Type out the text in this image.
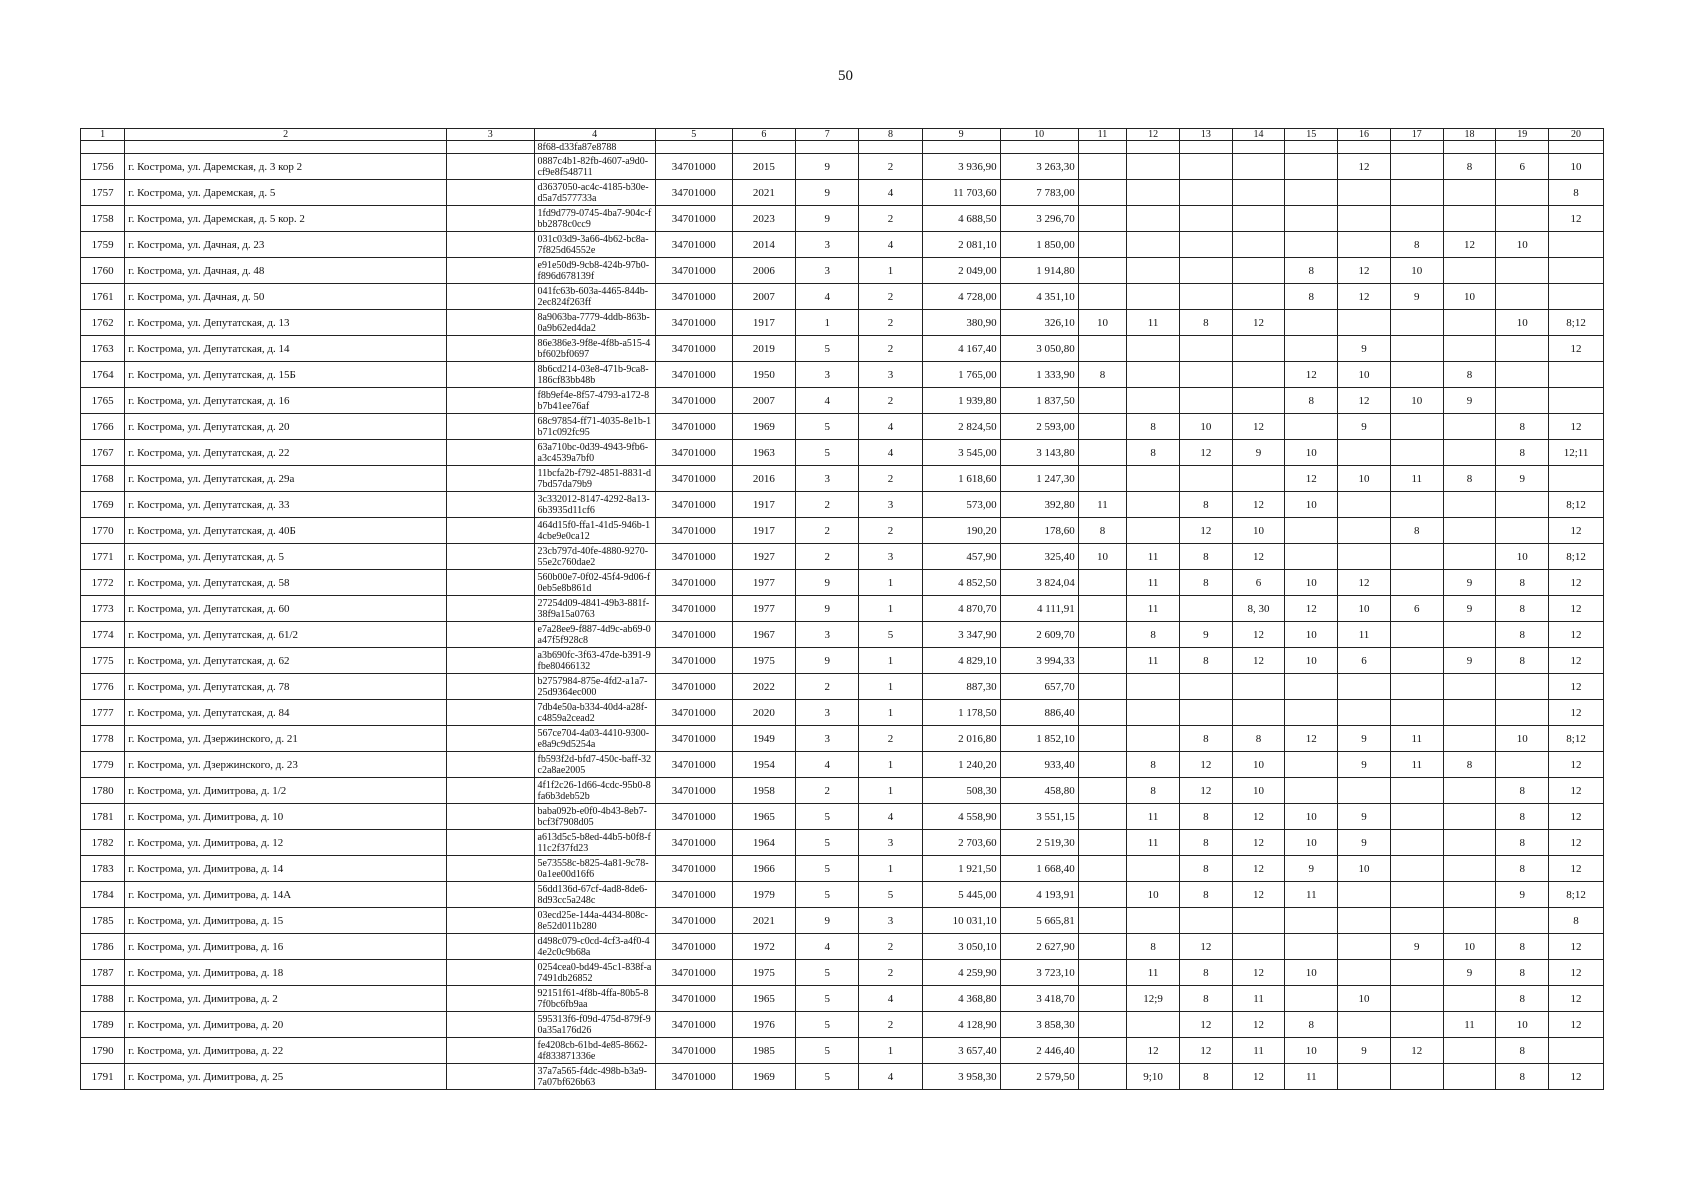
50
1	2	3	4	5	6	7	8	9	10	11	12	13	14	15	16	17	18	19	20
			8f68-d33fa87e8788																
1756	г. Кострома, ул. Даремская, д. 3 кор 2		0887c4b1-82fb-4607-a9d0-cf9e8f548711	34701000	2015	9	2	3 936,90	3 263,30						12		8	6	10
1757	г. Кострома, ул. Даремская, д. 5		d3637050-ac4c-4185-b30e-d5a7d577733a	34701000	2021	9	4	11 703,60	7 783,00										8
1758	г. Кострома, ул. Даремская, д. 5 кор. 2		1fd9d779-0745-4ba7-904c-fbb2878c0cc9	34701000	2023	9	2	4 688,50	3 296,70										12
1759	г. Кострома, ул. Дачная, д. 23		031c03d9-3a66-4b62-bc8a-7f825d64552e	34701000	2014	3	4	2 081,10	1 850,00							8	12	10	
1760	г. Кострома, ул. Дачная, д. 48		e91e50d9-9cb8-424b-97b0-f896d678139f	34701000	2006	3	1	2 049,00	1 914,80					8	12	10			
1761	г. Кострома, ул. Дачная, д. 50		041fc63b-603a-4465-844b-2ec824f263ff	34701000	2007	4	2	4 728,00	4 351,10					8	12	9	10		
1762	г. Кострома, ул. Депутатская, д. 13		8a9063ba-7779-4ddb-863b-0a9b62ed4da2	34701000	1917	1	2	380,90	326,10	10	11	8	12					10	8;12
1763	г. Кострома, ул. Депутатская, д. 14		86e386e3-9f8e-4f8b-a515-4bf602bf0697	34701000	2019	5	2	4 167,40	3 050,80						9				12
1764	г. Кострома, ул. Депутатская, д. 15Б		8b6cd214-03e8-471b-9ca8-186cf83bb48b	34701000	1950	3	3	1 765,00	1 333,90	8				12	10		8		
1765	г. Кострома, ул. Депутатская, д. 16		f8b9ef4e-8f57-4793-a172-8b7b41ee76af	34701000	2007	4	2	1 939,80	1 837,50					8	12	10	9		
1766	г. Кострома, ул. Депутатская, д. 20		68c97854-ff71-4035-8e1b-1b71c092fc95	34701000	1969	5	4	2 824,50	2 593,00		8	10	12		9			8	12
1767	г. Кострома, ул. Депутатская, д. 22		63a710bc-0d39-4943-9fb6-a3c4539a7bf0	34701000	1963	5	4	3 545,00	3 143,80		8	12	9	10				8	12;11
1768	г. Кострома, ул. Депутатская, д. 29а		11bcfa2b-f792-4851-8831-d7bd57da79b9	34701000	2016	3	2	1 618,60	1 247,30					12	10	11	8	9	
1769	г. Кострома, ул. Депутатская, д. 33		3c332012-8147-4292-8a13-6b3935d11cf6	34701000	1917	2	3	573,00	392,80	11		8	12	10					8;12
1770	г. Кострома, ул. Депутатская, д. 40Б		464d15f0-ffa1-41d5-946b-14cbe9e0ca12	34701000	1917	2	2	190,20	178,60	8		12	10			8			12
1771	г. Кострома, ул. Депутатская, д. 5		23cb797d-40fe-4880-9270-55e2c760dae2	34701000	1927	2	3	457,90	325,40	10	11	8	12					10	8;12
1772	г. Кострома, ул. Депутатская, д. 58		560b00e7-0f02-45f4-9d06-f0eb5e8b861d	34701000	1977	9	1	4 852,50	3 824,04		11	8	6	10	12		9	8	12
1773	г. Кострома, ул. Депутатская, д. 60		27254d09-4841-49b3-881f-38f9a15a0763	34701000	1977	9	1	4 870,70	4 111,91		11		8, 30	12	10	6	9	8	12
1774	г. Кострома, ул. Депутатская, д. 61/2		e7a28ee9-f887-4d9c-ab69-0a47f5f928c8	34701000	1967	3	5	3 347,90	2 609,70		8	9	12	10	11			8	12
1775	г. Кострома, ул. Депутатская, д. 62		a3b690fc-3f63-47de-b391-9fbe80466132	34701000	1975	9	1	4 829,10	3 994,33		11	8	12	10	6		9	8	12
1776	г. Кострома, ул. Депутатская, д. 78		b2757984-875e-4fd2-a1a7-25d9364ec000	34701000	2022	2	1	887,30	657,70										12
1777	г. Кострома, ул. Депутатская, д. 84		7db4e50a-b334-40d4-a28f-c4859a2cead2	34701000	2020	3	1	1 178,50	886,40										12
1778	г. Кострома, ул. Дзержинского, д. 21		567ce704-4a03-4410-9300-e8a9c9d5254a	34701000	1949	3	2	2 016,80	1 852,10			8	8	12	9	11		10	8;12
1779	г. Кострома, ул. Дзержинского, д. 23		fb593f2d-bfd7-450c-baff-32c2a8ae2005	34701000	1954	4	1	1 240,20	933,40		8	12	10		9	11	8		12
1780	г. Кострома, ул. Димитрова, д. 1/2		4f1f2c26-1d66-4cdc-95b0-8fa6b3deb52b	34701000	1958	2	1	508,30	458,80		8	12	10					8	12
1781	г. Кострома, ул. Димитрова, д. 10		baba092b-e0f0-4b43-8eb7-bcf3f7908d05	34701000	1965	5	4	4 558,90	3 551,15		11	8	12	10	9			8	12
1782	г. Кострома, ул. Димитрова, д. 12		a613d5c5-b8ed-44b5-b0f8-f11c2f37fd23	34701000	1964	5	3	2 703,60	2 519,30		11	8	12	10	9			8	12
1783	г. Кострома, ул. Димитрова, д. 14		5e73558c-b825-4a81-9c78-0a1ee00d16f6	34701000	1966	5	1	1 921,50	1 668,40			8	12	9	10			8	12
1784	г. Кострома, ул. Димитрова, д. 14А		56dd136d-67cf-4ad8-8de6-8d93cc5a248c	34701000	1979	5	5	5 445,00	4 193,91		10	8	12	11				9	8;12
1785	г. Кострома, ул. Димитрова, д. 15		03ecd25e-144a-4434-808c-8e52d011b280	34701000	2021	9	3	10 031,10	5 665,81										8
1786	г. Кострома, ул. Димитрова, д. 16		d498c079-c0cd-4cf3-a4f0-44e2c0c9b68a	34701000	1972	4	2	3 050,10	2 627,90		8	12				9	10	8	12
1787	г. Кострома, ул. Димитрова, д. 18		0254cea0-bd49-45c1-838f-a7491db26852	34701000	1975	5	2	4 259,90	3 723,10		11	8	12	10			9	8	12
1788	г. Кострома, ул. Димитрова, д. 2		92151f61-4f8b-4ffa-80b5-87f0bc6fb9aa	34701000	1965	5	4	4 368,80	3 418,70		12;9	8	11		10			8	12
1789	г. Кострома, ул. Димитрова, д. 20		595313f6-f09d-475d-879f-90a35a176d26	34701000	1976	5	2	4 128,90	3 858,30			12	12	8			11	10	12
1790	г. Кострома, ул. Димитрова, д. 22		fe4208cb-61bd-4e85-8662-4f833871336e	34701000	1985	5	1	3 657,40	2 446,40		12	12	11	10	9	12		8	
1791	г. Кострома, ул. Димитрова, д. 25		37a7a565-f4dc-498b-b3a9-7a07bf626b63	34701000	1969	5	4	3 958,30	2 579,50		9;10	8	12	11				8	12
